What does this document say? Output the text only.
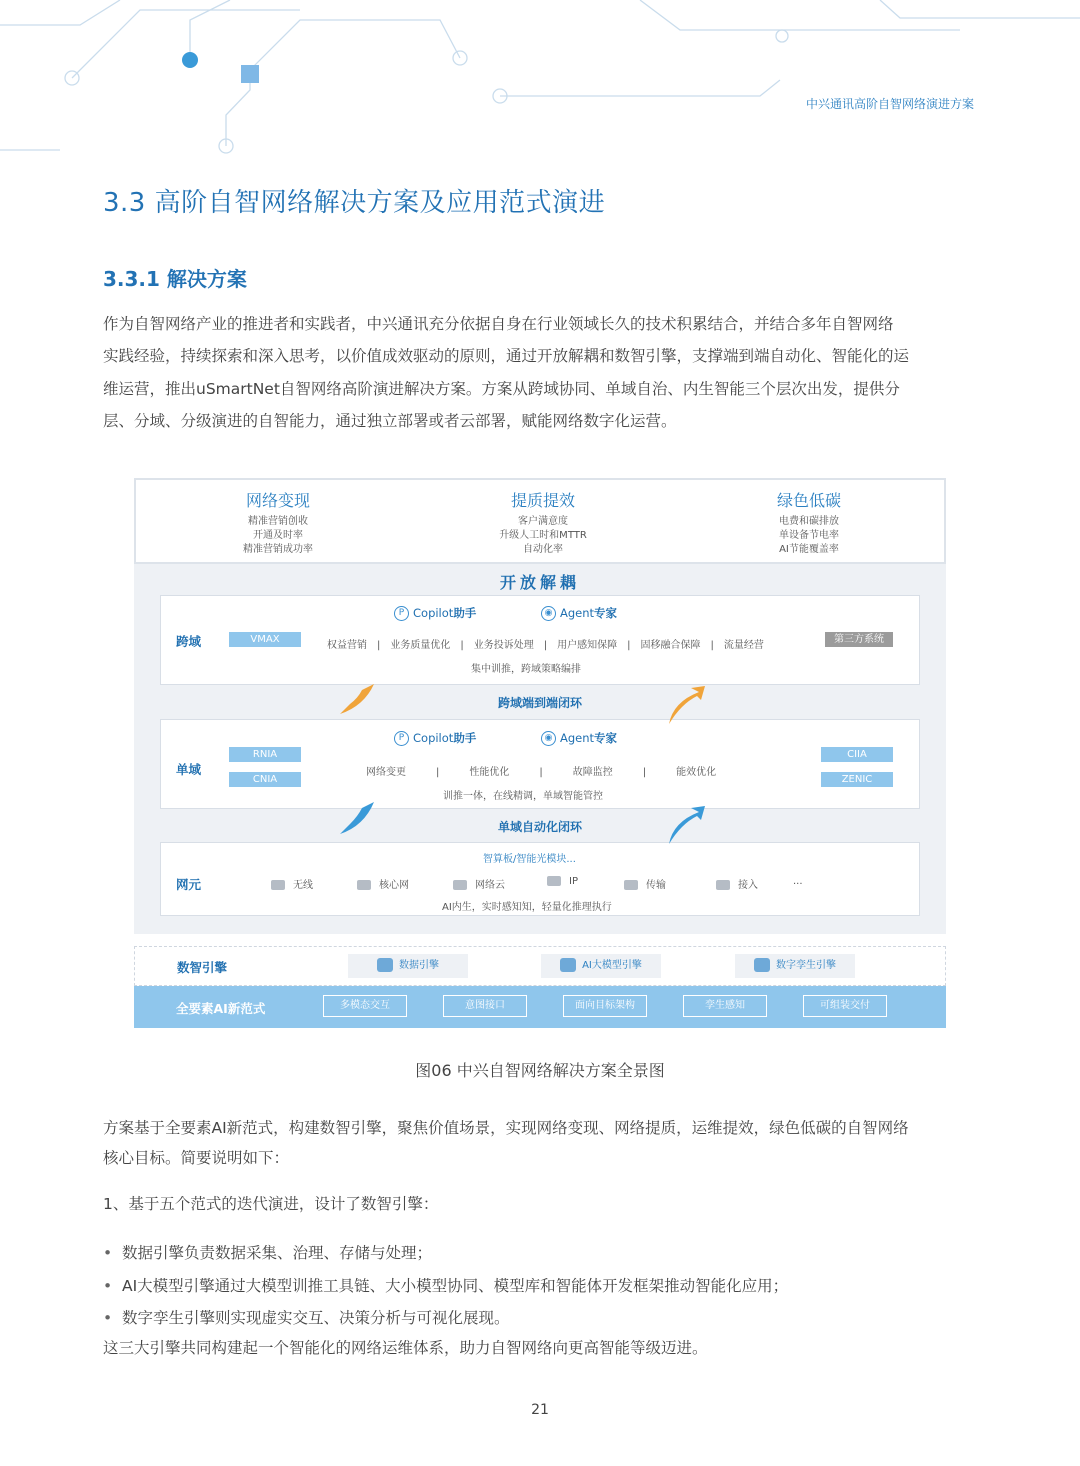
中兴通讯高阶自智网络演进方案
3.3 高阶自智网络解决方案及应用范式演进
3.3.1 解决方案
作为自智网络产业的推进者和实践者，中兴通讯充分依据自身在行业领域长久的技术积累结合，并结合多年自智网络
实践经验，持续探索和深入思考，以价值成效驱动的原则，通过开放解耦和数智引擎，支撑端到端自动化、智能化的运
维运营，推出uSmartNet自智网络高阶演进解决方案。方案从跨域协同、单域自治、内生智能三个层次出发，提供分
层、分域、分级演进的自智能力，通过独立部署或者云部署，赋能网络数字化运营。
网络变现
精准营销创收
开通及时率
精准营销成功率
提质提效
客户满意度
升级人工时和MTTR
自动化率
绿色低碳
电费和碳排放
单设备节电率
AI节能覆盖率
开放解耦
跨域
P Copilot助手	◉ Agent专家
VMAX
权益营销　|　业务质量优化　|　业务投诉处理　|　用户感知保障　|　固移融合保障　|　流量经营
第三方系统
集中训推，跨域策略编排
跨域端到端闭环
单域
P Copilot助手	◉ Agent专家
RNIA
CNIA
网络变更　　　|　　　性能优化　　　|　　　故障监控　　　|　　　能效优化
CIIA
ZENIC
训推一体，在线精调，单域智能管控
单域自动化闭环
网元
智算板/智能光模块...
无线	核心网	网络云	IP	传输	接入	...
AI内生，实时感知知，轻量化推理执行
数智引擎	数据引擎	AI大模型引擎	数字孪生引擎
全要素AI新范式	多模态交互	意图接口	面向目标架构	孪生感知	可组装交付
图06 中兴自智网络解决方案全景图
方案基于全要素AI新范式，构建数智引擎，聚焦价值场景，实现网络变现、网络提质，运维提效，绿色低碳的自智网络
核心目标。简要说明如下：
1、基于五个范式的迭代演进，设计了数智引擎：
• 数据引擎负责数据采集、治理、存储与处理；
• AI大模型引擎通过大模型训推工具链、大小模型协同、模型库和智能体开发框架推动智能化应用；
• 数字孪生引擎则实现虚实交互、决策分析与可视化展现。
这三大引擎共同构建起一个智能化的网络运维体系，助力自智网络向更高智能等级迈进。
21
